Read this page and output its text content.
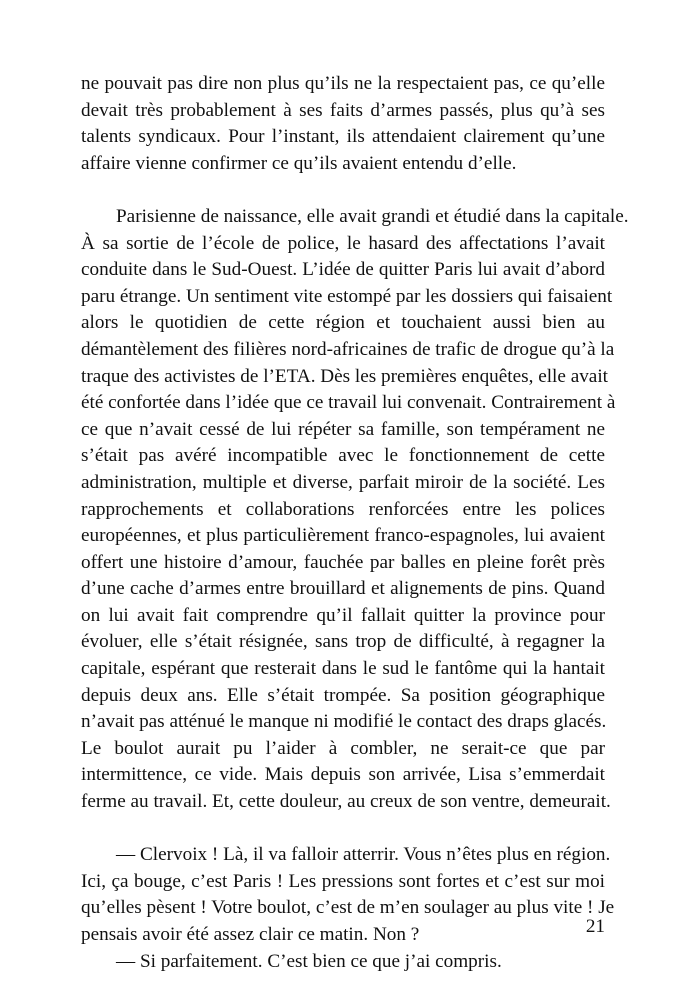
ne pouvait pas dire non plus qu’ils ne la respectaient pas, ce qu’elle
devait très probablement à ses faits d’armes passés, plus qu’à ses
talents syndicaux. Pour l’instant, ils attendaient clairement qu’une
affaire vienne confirmer ce qu’ils avaient entendu d’elle.
Parisienne de naissance, elle avait grandi et étudié dans la capitale.
À sa sortie de l’école de police, le hasard des affectations l’avait
conduite dans le Sud-Ouest. L’idée de quitter Paris lui avait d’abord
paru étrange. Un sentiment vite estompé par les dossiers qui faisaient
alors le quotidien de cette région et touchaient aussi bien au
démantèlement des filières nord-africaines de trafic de drogue qu’à la
traque des activistes de l’ETA. Dès les premières enquêtes, elle avait
été confortée dans l’idée que ce travail lui convenait. Contrairement à
ce que n’avait cessé de lui répéter sa famille, son tempérament ne
s’était pas avéré incompatible avec le fonctionnement de cette
administration, multiple et diverse, parfait miroir de la société. Les
rapprochements et collaborations renforcées entre les polices
européennes, et plus particulièrement franco-espagnoles, lui avaient
offert une histoire d’amour, fauchée par balles en pleine forêt près
d’une cache d’armes entre brouillard et alignements de pins. Quand
on lui avait fait comprendre qu’il fallait quitter la province pour
évoluer, elle s’était résignée, sans trop de difficulté, à regagner la
capitale, espérant que resterait dans le sud le fantôme qui la hantait
depuis deux ans. Elle s’était trompée. Sa position géographique
n’avait pas atténué le manque ni modifié le contact des draps glacés.
Le boulot aurait pu l’aider à combler, ne serait-ce que par
intermittence, ce vide. Mais depuis son arrivée, Lisa s’emmerdait
ferme au travail. Et, cette douleur, au creux de son ventre, demeurait.
— Clervoix ! Là, il va falloir atterrir. Vous n’êtes plus en région.
Ici, ça bouge, c’est Paris ! Les pressions sont fortes et c’est sur moi
qu’elles pèsent ! Votre boulot, c’est de m’en soulager au plus vite ! Je
pensais avoir été assez clair ce matin. Non ?
— Si parfaitement. C’est bien ce que j’ai compris.
21
